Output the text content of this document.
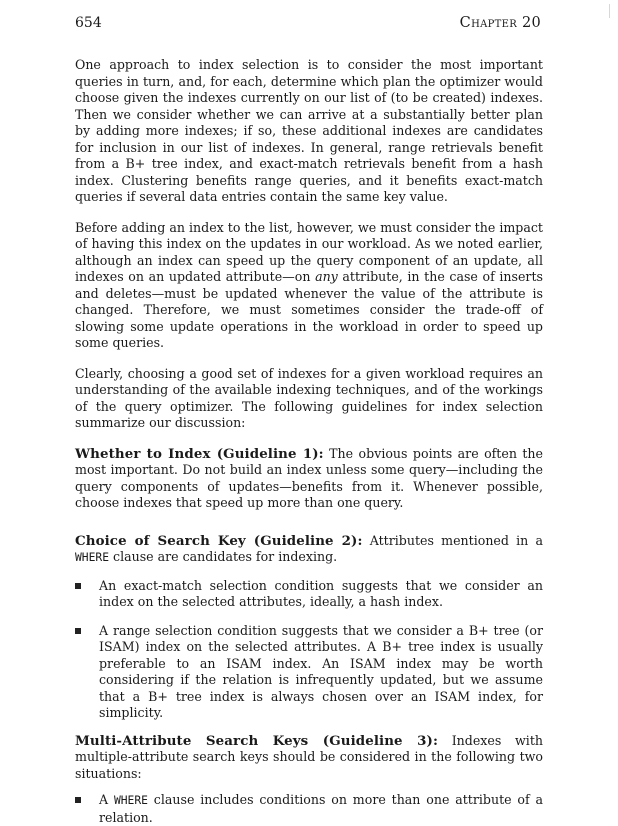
654	Chapter 20

One approach to index selection is to consider the most important queries in turn, and, for each, determine which plan the optimizer would choose given the indexes currently on our list of (to be created) indexes. Then we consider whether we can arrive at a substantially better plan by adding more indexes; if so, these additional indexes are candidates for inclusion in our list of indexes. In general, range retrievals benefit from a B+ tree index, and exact-match retrievals benefit from a hash index. Clustering benefits range queries, and it benefits exact-match queries if several data entries contain the same key value.

Before adding an index to the list, however, we must consider the impact of having this index on the updates in our workload. As we noted earlier, although an index can speed up the query component of an update, all indexes on an updated attribute—on any attribute, in the case of inserts and deletes—must be updated whenever the value of the attribute is changed. Therefore, we must sometimes consider the trade-off of slowing some update operations in the workload in order to speed up some queries.

Clearly, choosing a good set of indexes for a given workload requires an understanding of the available indexing techniques, and of the workings of the query optimizer. The following guidelines for index selection summarize our discussion:

Whether to Index (Guideline 1): The obvious points are often the most important. Do not build an index unless some query—including the query components of updates—benefits from it. Whenever possible, choose indexes that speed up more than one query.

Choice of Search Key (Guideline 2): Attributes mentioned in a WHERE clause are candidates for indexing.

An exact-match selection condition suggests that we consider an index on the selected attributes, ideally, a hash index.
A range selection condition suggests that we consider a B+ tree (or ISAM) index on the selected attributes. A B+ tree index is usually preferable to an ISAM index. An ISAM index may be worth considering if the relation is infrequently updated, but we assume that a B+ tree index is always chosen over an ISAM index, for simplicity.

Multi-Attribute Search Keys (Guideline 3): Indexes with multiple-attribute search keys should be considered in the following two situations:

A WHERE clause includes conditions on more than one attribute of a relation.
